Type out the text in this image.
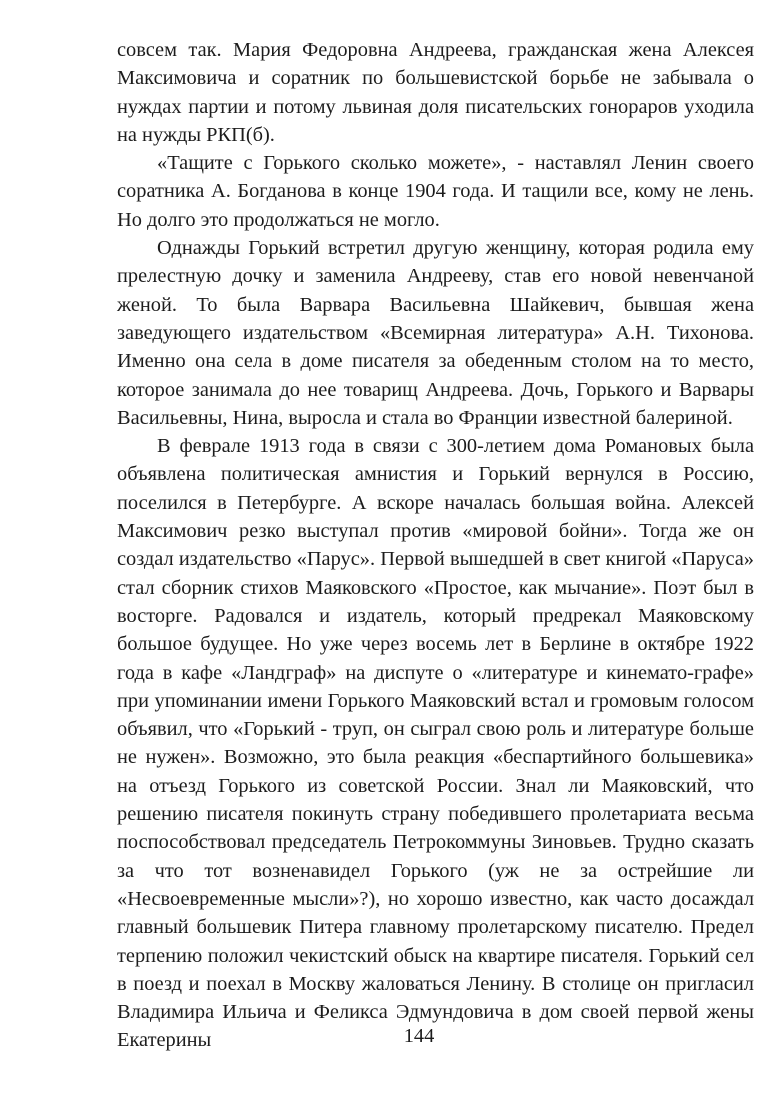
совсем так. Мария Федоровна Андреева, гражданская жена Алексея Максимовича и соратник по большевистской борьбе не забывала о нуждах партии и потому львиная доля писательских гонораров уходила на нужды РКП(б).

«Тащите с Горького сколько можете», - наставлял Ленин своего соратника А. Богданова в конце 1904 года. И тащили все, кому не лень. Но долго это продолжаться не могло.

Однажды Горький встретил другую женщину, которая родила ему прелестную дочку и заменила Андрееву, став его новой невенчаной женой. То была Варвара Васильевна Шайкевич, бывшая жена заведующего издательством «Всемирная литература» А.Н. Тихонова. Именно она села в доме писателя за обеденным столом на то место, которое занимала до нее товарищ Андреева. Дочь, Горького и Варвары Васильевны, Нина, выросла и стала во Франции известной балериной.

В феврале 1913 года в связи с 300-летием дома Романовых была объявлена политическая амнистия и Горький вернулся в Россию, поселился в Петербурге. А вскоре началась большая война. Алексей Максимович резко выступал против «мировой бойни». Тогда же он создал издательство «Парус». Первой вышедшей в свет книгой «Паруса» стал сборник стихов Маяковского «Простое, как мычание». Поэт был в восторге. Радовался и издатель, который предрекал Маяковскому большое будущее. Но уже через восемь лет в Берлине в октябре 1922 года в кафе «Ландграф» на диспуте о «литературе и кинемато-графе» при упоминании имени Горького Маяковский встал и громовым голосом объявил, что «Горький - труп, он сыграл свою роль и литературе больше не нужен». Возможно, это была реакция «беспартийного большевика» на отъезд Горького из советской России. Знал ли Маяковский, что решению писателя покинуть страну победившего пролетариата весьма поспособствовал председатель Петрокоммуны Зиновьев. Трудно сказать за что тот возненавидел Горького (уж не за острейшие ли «Несвоевременные мысли»?), но хорошо известно, как часто досаждал главный большевик Питера главному пролетарскому писателю. Предел терпению положил чекистский обыск на квартире писателя. Горький сел в поезд и поехал в Москву жаловаться Ленину. В столице он пригласил Владимира Ильича и Феликса Эдмундовича в дом своей первой жены Екатерины	144
